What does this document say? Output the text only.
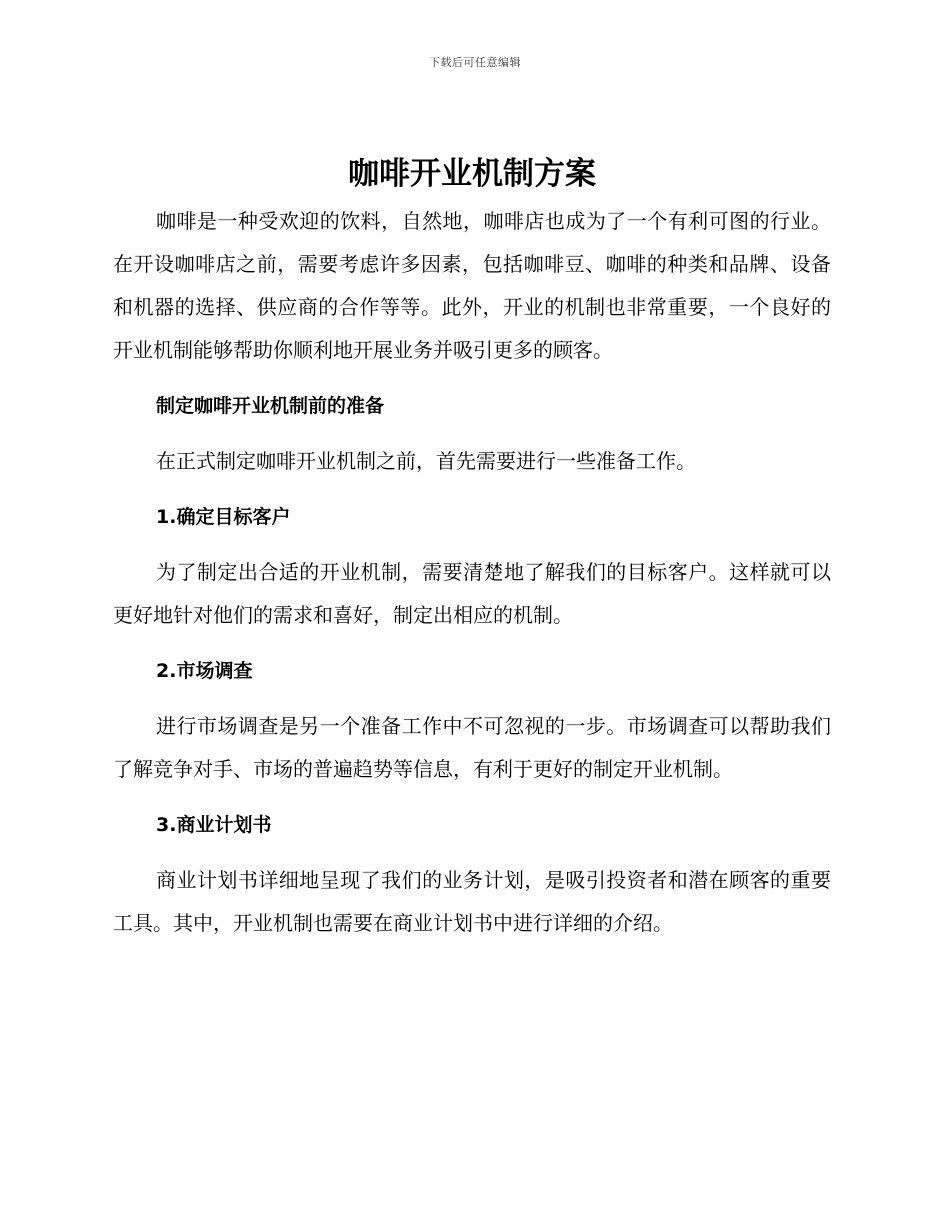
下载后可任意编辑
咖啡开业机制方案

咖啡是一种受欢迎的饮料，自然地，咖啡店也成为了一个有利可图的行业。在开设咖啡店之前，需要考虑许多因素，包括咖啡豆、咖啡的种类和品牌、设备和机器的选择、供应商的合作等等。此外，开业的机制也非常重要，一个良好的开业机制能够帮助你顺利地开展业务并吸引更多的顾客。

制定咖啡开业机制前的准备

在正式制定咖啡开业机制之前，首先需要进行一些准备工作。

1.确定目标客户

为了制定出合适的开业机制，需要清楚地了解我们的目标客户。这样就可以更好地针对他们的需求和喜好，制定出相应的机制。

2.市场调查

进行市场调查是另一个准备工作中不可忽视的一步。市场调查可以帮助我们了解竞争对手、市场的普遍趋势等信息，有利于更好的制定开业机制。

3.商业计划书

商业计划书详细地呈现了我们的业务计划，是吸引投资者和潜在顾客的重要工具。其中，开业机制也需要在商业计划书中进行详细的介绍。
